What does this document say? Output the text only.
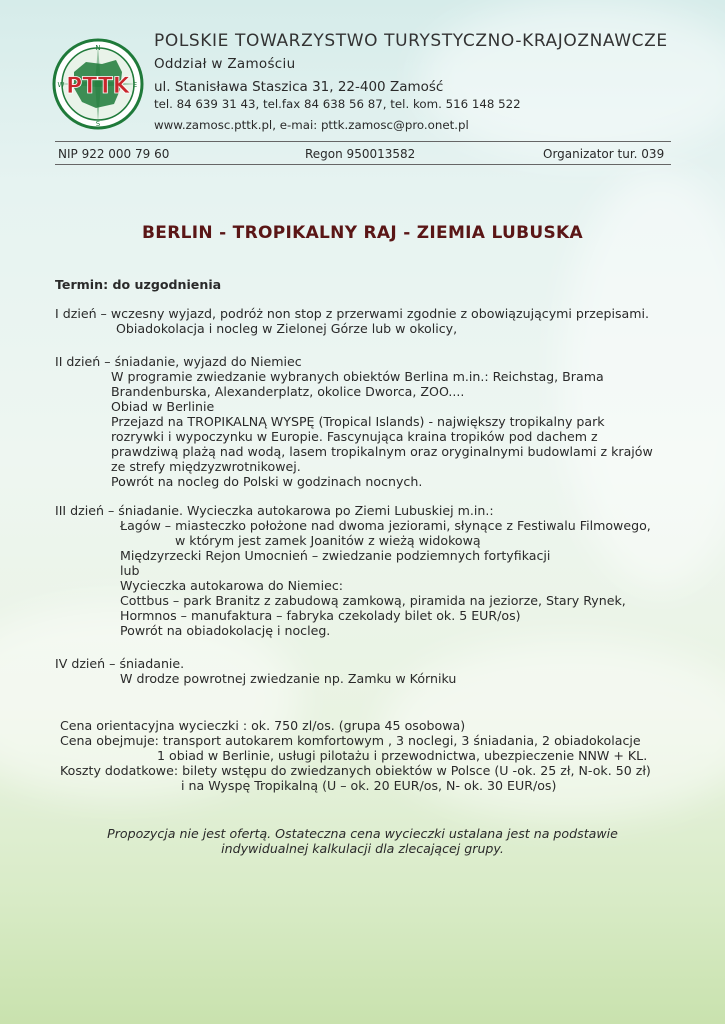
PTTK
N
E
S
W
POLSKIE TOWARZYSTWO TURYSTYCZNO-KRAJOZNAWCZE
Oddział w Zamościu
ul. Stanisława Staszica 31, 22-400 Zamość
tel. 84 639 31 43, tel.fax 84 638 56 87, tel. kom. 516 148 522
www.zamosc.pttk.pl, e-mai: pttk.zamosc@pro.onet.pl
NIP 922 000 79 60	Regon 950013582	Organizator tur. 039
BERLIN - TROPIKALNY RAJ - ZIEMIA LUBUSKA
Termin: do uzgodnienia
I dzień – wczesny wyjazd, podróż non stop z przerwami zgodnie z obowiązującymi przepisami.
Obiadokolacja i nocleg w Zielonej Górze lub w okolicy,
II dzień – śniadanie, wyjazd do Niemiec
W programie zwiedzanie wybranych obiektów Berlina m.in.: Reichstag, Brama
Brandenburska, Alexanderplatz, okolice Dworca, ZOO....
Obiad w Berlinie
Przejazd na TROPIKALNĄ WYSPĘ (Tropical Islands) - największy tropikalny park
rozrywki i wypoczynku w Europie. Fascynująca kraina tropików pod dachem z
prawdziwą plażą nad wodą, lasem tropikalnym oraz oryginalnymi budowlami z krajów
ze strefy międzyzwrotnikowej.
Powrót na nocleg do Polski w godzinach nocnych.
III dzień – śniadanie. Wycieczka autokarowa po Ziemi Lubuskiej m.in.:
Łagów – miasteczko położone nad dwoma jeziorami, słynące z Festiwalu Filmowego,
w którym jest zamek Joanitów z wieżą widokową
Międzyrzecki Rejon Umocnień – zwiedzanie podziemnych fortyfikacji
lub
Wycieczka autokarowa do Niemiec:
Cottbus – park Branitz z zabudową zamkową, piramida na jeziorze, Stary Rynek,
Hormnos – manufaktura – fabryka czekolady bilet ok. 5 EUR/os)
Powrót na obiadokolację i nocleg.
IV dzień – śniadanie.
W drodze powrotnej zwiedzanie np. Zamku w Kórniku
Cena orientacyjna wycieczki : ok. 750 zl/os. (grupa 45 osobowa)
Cena obejmuje: transport autokarem komfortowym , 3 noclegi, 3 śniadania, 2 obiadokolacje
1 obiad w Berlinie, usługi pilotażu i przewodnictwa, ubezpieczenie NNW + KL.
Koszty dodatkowe: bilety wstępu do zwiedzanych obiektów w Polsce (U -ok. 25 zł, N-ok. 50 zł)
i na Wyspę Tropikalną (U – ok. 20 EUR/os, N- ok. 30 EUR/os)
Propozycja nie jest ofertą. Ostateczna cena wycieczki ustalana jest na podstawie
indywidualnej kalkulacji dla zlecającej grupy.
